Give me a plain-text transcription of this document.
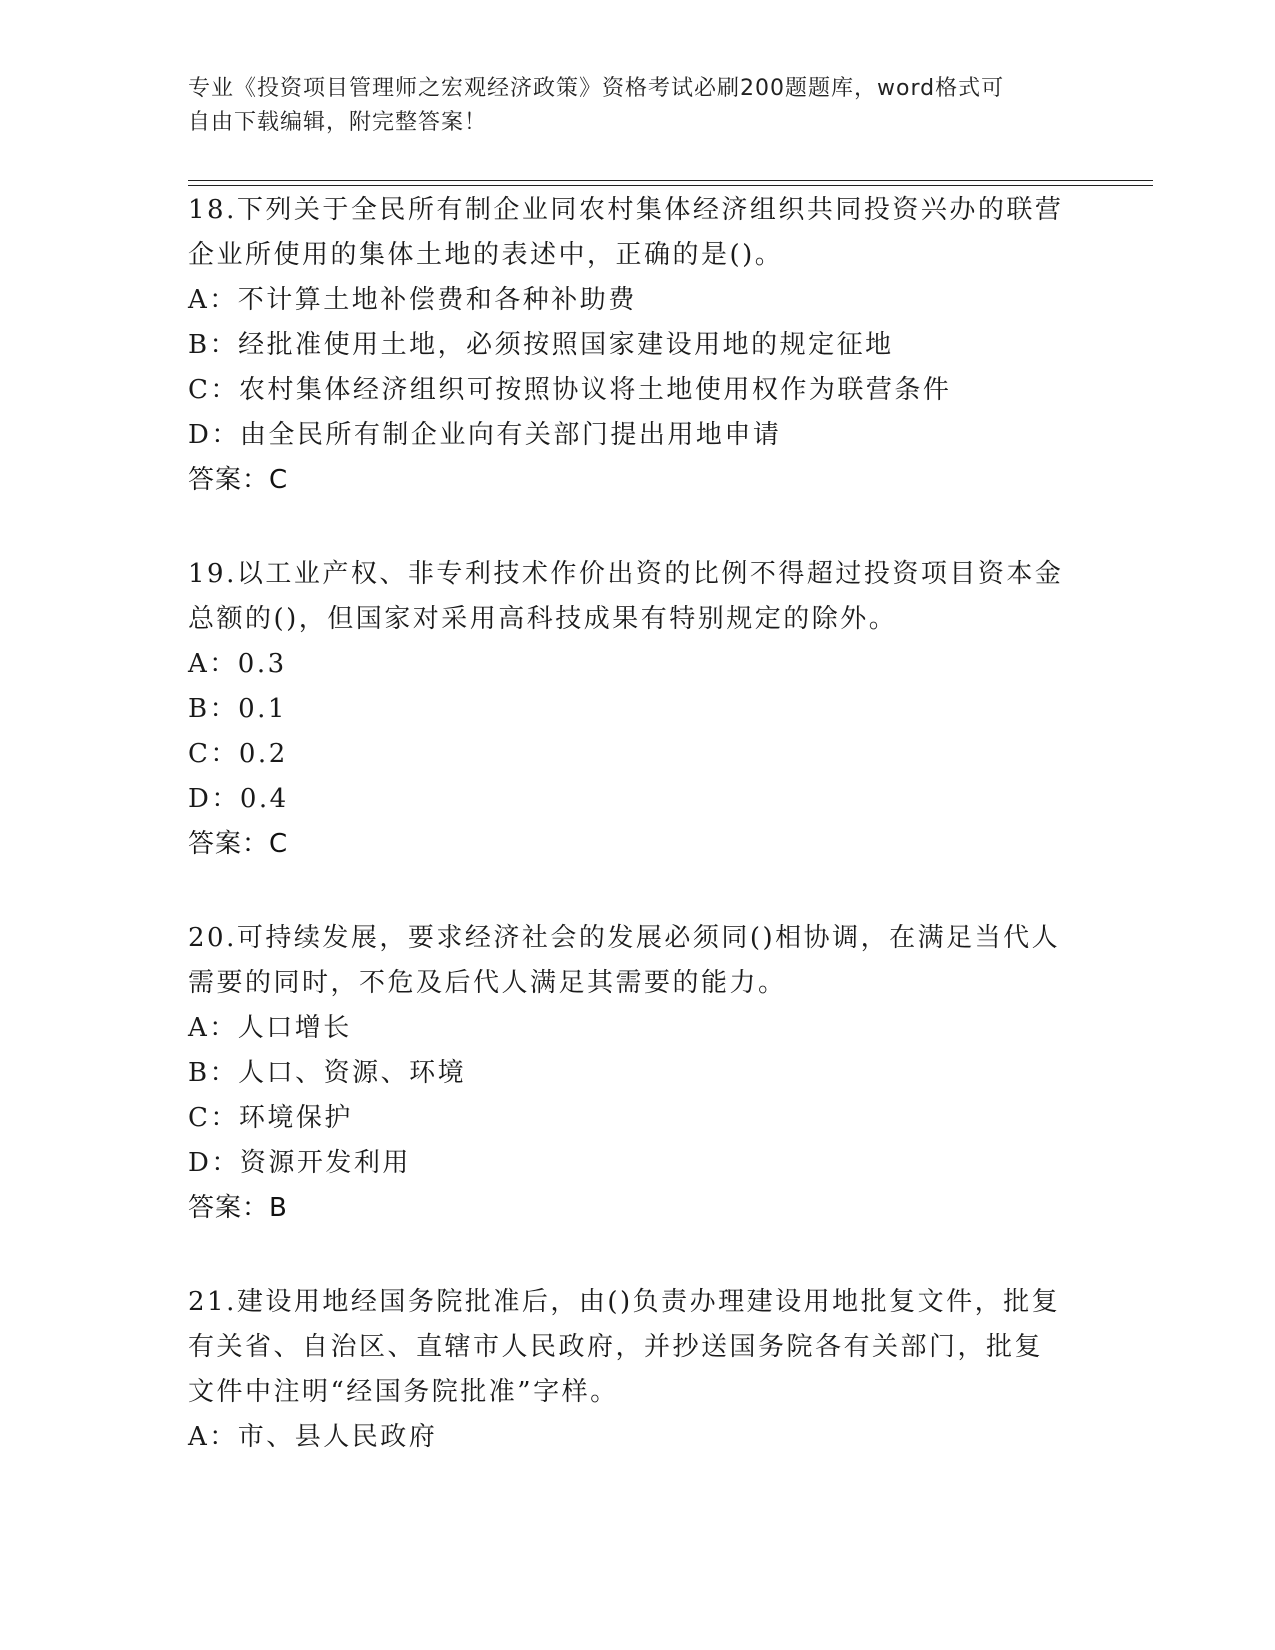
专业《投资项目管理师之宏观经济政策》资格考试必刷200题题库，word格式可
自由下载编辑，附完整答案！

18.下列关于全民所有制企业同农村集体经济组织共同投资兴办的联营

企业所使用的集体土地的表述中，正确的是()。

A：不计算土地补偿费和各种补助费

B：经批准使用土地，必须按照国家建设用地的规定征地

C：农村集体经济组织可按照协议将土地使用权作为联营条件

D：由全民所有制企业向有关部门提出用地申请

答案：C

19.以工业产权、非专利技术作价出资的比例不得超过投资项目资本金

总额的()，但国家对采用高科技成果有特别规定的除外。

A：0.3

B：0.1

C：0.2

D：0.4

答案：C

20.可持续发展，要求经济社会的发展必须同()相协调，在满足当代人

需要的同时，不危及后代人满足其需要的能力。

A：人口增长

B：人口、资源、环境

C：环境保护

D：资源开发利用

答案：B

21.建设用地经国务院批准后，由()负责办理建设用地批复文件，批复

有关省、自治区、直辖市人民政府，并抄送国务院各有关部门，批复

文件中注明“经国务院批准”字样。

A：市、县人民政府
